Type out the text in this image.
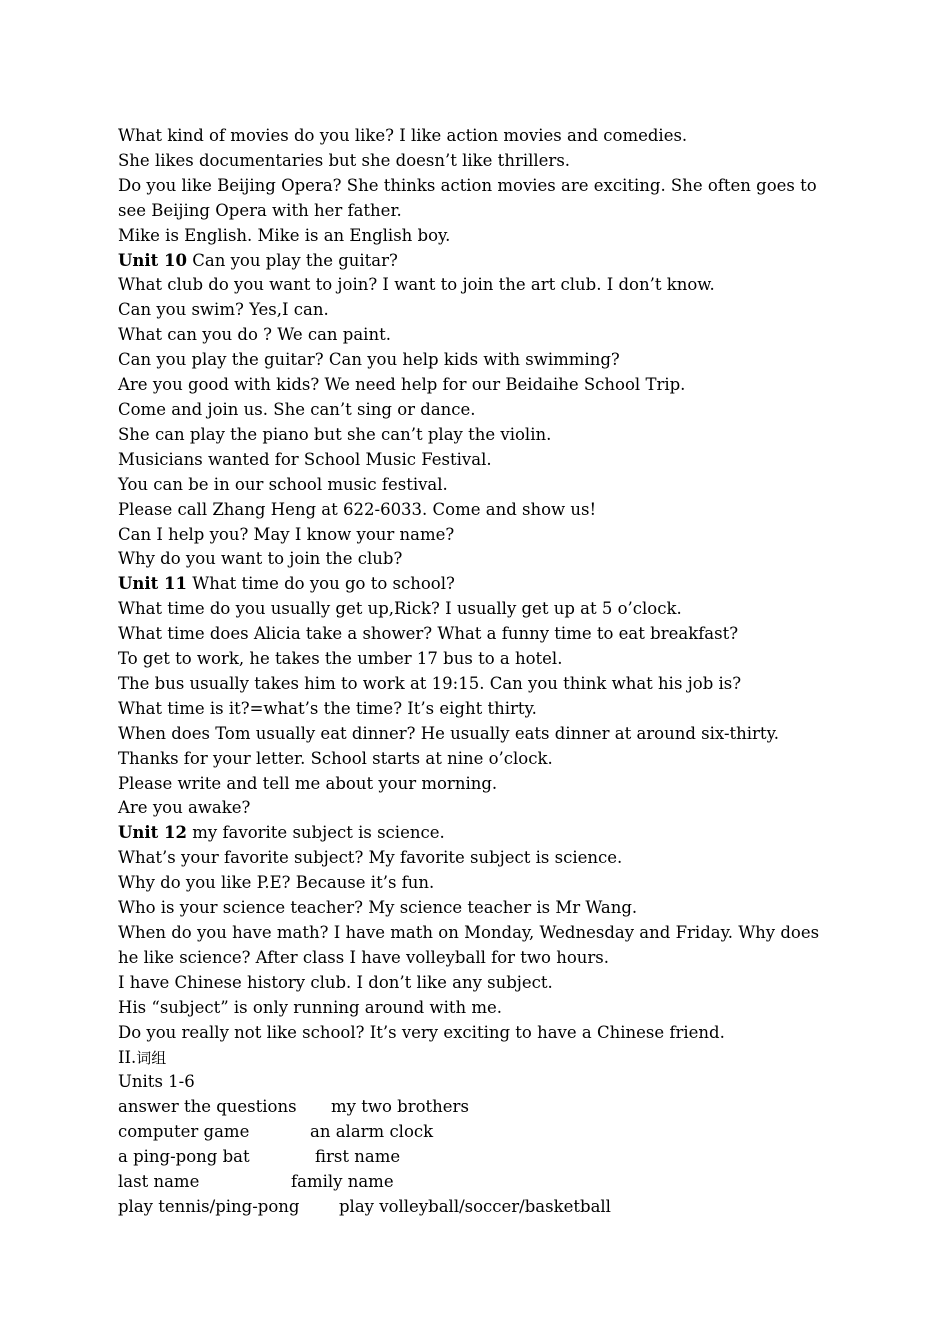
What kind of movies do you like? I like action movies and comedies.

She likes documentaries but she doesn’t like thrillers.

Do you like Beijing Opera? She thinks action movies are exciting. She often goes to see Beijing Opera with her father.

Mike is English. Mike is an English boy.

Unit 10 Can you play the guitar?

What club do you want to join? I want to join the art club. I don’t know.

Can you swim? Yes,I can.

What can you do ? We can paint.

Can you play the guitar? Can you help kids with swimming?

Are you good with kids? We need help for our Beidaihe School Trip.

Come and join us. She can’t sing or dance.

She can play the piano but she can’t play the violin.

Musicians wanted for School Music Festival.

You can be in our school music festival.

Please call Zhang Heng at 622-6033. Come and show us!

Can I help you? May I know your name?

Why do you want to join the club?

Unit 11 What time do you go to school?

What time do you usually get up,Rick? I usually get up at 5 o’clock.

What time does Alicia take a shower? What a funny time to eat breakfast?

To get to work, he takes the umber 17 bus to a hotel.

The bus usually takes him to work at 19:15. Can you think what his job is?

What time is it?=what’s the time? It’s eight thirty.

When does Tom usually eat dinner? He usually eats dinner at around six-thirty.

Thanks for your letter. School starts at nine o’clock.

Please write and tell me about your morning.

Are you awake?

Unit 12 my favorite subject is science.

What’s your favorite subject? My favorite subject is science.

Why do you like P.E? Because it’s fun.

Who is your science teacher? My science teacher is Mr Wang.

When do you have math? I have math on Monday, Wednesday and Friday. Why does he like science? After class I have volleyball for two hours.

I have Chinese history club. I don’t like any subject.

His “subject” is only running around with me.

Do you really not like school? It’s very exciting to have a Chinese friend.

II.词组

Units 1-6

answer the questions	my two brothers
computer game	an alarm clock
a ping-pong bat	first name
last name	family name
play tennis/ping-pong	play volleyball/soccer/basketball
